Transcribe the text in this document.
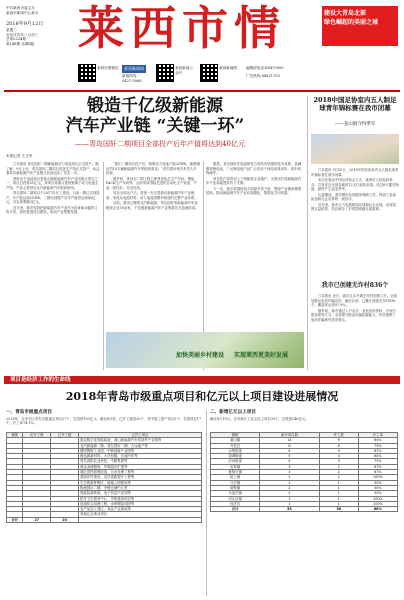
中共莱西市委主办
莱西市新闻中心承办
2018年9月12日
星期三
农历戊戌年八月初三
总第2234期
第148期 本期8版 莱西市情	建设大青岛北部
绿色崛起的美丽之城
莱西市情微信	莱西新闻网	莱西新闻公众号
莱西新闻网	编辑部电话:88470000
广告热线:88821793
新闻热线:
0427-3068
锻造千亿级新能源
汽车产业链 “关键一环”
——青岛国轩二期项目全部投产后年产值将达到40亿元
本报记者 王文华

□本报讯 青岛国轩二期新能源动力电池项目正式投产。据了解，9月上旬，青岛国轩二期项目首条生产线正式投产，标志着我市新能源汽车产业链又向前迈出了坚实一步。

国轩动力电池项目是姜山镇新能源汽车产业园重点项目之一，项目总投资21亿元。该项目将重点建设锂离子动力电池生产线，产品主要供应北汽新能源汽车配套使用。

青岛国轩二期项目于2017年开工建设，目前一期已实现投产，年产能达到2GWh，二期全部投产后年产值将达到40亿元，可实现利税3亿元。

近年来，我市坚持把新能源汽车产业作为培育新动能的主攻方向，加快推进项目建设，推动产业集聚发展。

“我们二期项目投产后，新增动力电池产能2GWh，能够满足约10万辆新能源汽车的配套需求。”青岛国轩相关负责人介绍说。

据介绍，该项目二期工程主要建设电芯生产车间、模组PACK生产车间等，全部采用国际先进的自动化生产设备，产品一致性好、安全性高。

项目全部达产后，将进一步完善我市新能源汽车产业链条，形成从电池材料、动力电池到整车制造的完整产业体系。

目前，我市已聚集北汽新能源、青岛国轩等新能源汽车及配套企业30余家，千亿级新能源汽车产业集群正在加速形成。

据悉，青岛国轩在电池研发方面具有较强的技术优势，其磷酸铁锂电池、三元锂电池产品广泛应用于纯电动乘用车、客车和物流车。

项目投产将带动上下游配套企业落户，为我市打造新能源汽车产业高地提供有力支撑。

下一步，我市将继续加大招商引资力度，围绕产业链条精准招商，推动新能源汽车产业向高端化、集群化方向发展。

加快美丽乡村建设 实现莱西更美好发展
2018中国足协室内五人制足球青年锦标赛在我市闭幕
——姜山镇夺得季军

□本报讯 9月10日，2018中国足协室内五人制足球青年锦标赛在我市闭幕。

本次比赛由中国足球协会主办，莱西市人民政府承办，共有来自全国各地的12支代表队参赛。经过6天激烈角逐，最终产生冠亚季军。

比赛期间，我市做好各项服务保障工作，得到了参赛队伍和社会各界的一致好评。

近年来，我市大力发展校园足球和社会足球，足球氛围日益浓厚，先后承办了多项国家级足球赛事。

我市已创建无诈村836个

□本报讯 近日，我市扎实开展无诈村创建工作，全面加强反电信诈骗宣传，截至目前，已累计创建无诈村836个，覆盖率达到97.9%。

据介绍，我市通过入户走访、发放宣传资料、开展专题讲座等方式，全面提升群众识骗防骗能力，有效遏制了电信诈骗案件高发势头。

项目是经济工作的生命线
2018年青岛市级重点项目和亿元以上项目建设进展情况
一、青岛市级重点项目
2018年，全市列入青岛市级重点项目27个，总投资193亿元。截至8月底，已开工建设20个，其中竣工投产项目3个；在建项目17个，开工率74.1%。
镇街	应开工数	已开工数	已开工项目
			惠农数字化智能装备、姜山新能源汽车零部件产业园等
			北汽新能源二期、青岛国轩二期、万达地产等
			德国鲁格工业园、中韩创新产业园等
			海达源新材料、大华机械、长城汽车等
			青岛春阳农业科技、中粮集团等
			鸿达羽绒服饰、华联超市扩建等
			城区供热管网改造、污水处理工程等
			美丽乡村建设、农村道路提升工程等
			生态旅游度假区、湿地公园建设等
			物流园区二期、冷链仓储中心等
			智能装备制造、电子信息产业园等
			医疗卫生服务中心、学校建设项目等
			河道综合治理工程、水库除险加固等
			农产品加工园区、食品产业基地等
			其他社会事业项目
合计	27	20	
二、新增亿元以上项目
截至8月15日，全市新开工亿元以上项目39个，总投资246亿元。
镇街	新开项目数	开工数	开工率
姜山镇	14	9	64%
开发区	8	6	75%
水集街道	6	4	67%
望城街道	5	3	60%
沽河街道	4	3	75%
店埠镇	3	2	67%
夏格庄镇	3	2	67%
院上镇	2	2	100%
日庄镇	2	1	50%
南墅镇	2	1	50%
马连庄镇	2	1	50%
河头店镇	1	1	100%
经济区	1	1	100%
合计	53	36	68%
